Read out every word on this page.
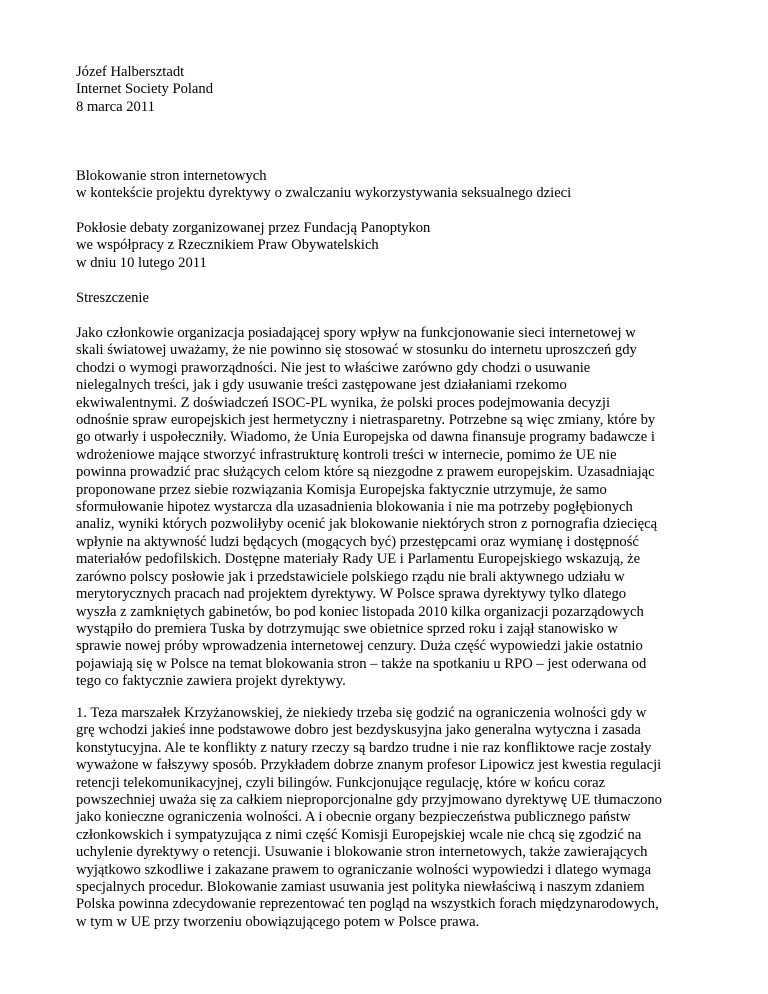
Józef Halbersztadt
Internet Society Poland
8 marca 2011
Blokowanie stron internetowych
w kontekście projektu dyrektywy o zwalczaniu wykorzystywania seksualnego dzieci
Pokłosie debaty zorganizowanej przez Fundacją Panoptykon
we współpracy z Rzecznikiem Praw Obywatelskich
w dniu 10 lutego 2011
Streszczenie
Jako członkowie organizacja posiadającej spory wpływ na funkcjonowanie sieci internetowej w
skali światowej uważamy, że nie powinno się stosować w stosunku do internetu uproszczeń gdy
chodzi o wymogi praworządności. Nie jest to właściwe zarówno gdy chodzi o usuwanie
nielegalnych treści, jak i gdy usuwanie treści zastępowane jest działaniami rzekomo
ekwiwalentnymi. Z doświadczeń ISOC-PL wynika, że polski proces podejmowania decyzji
odnośnie spraw europejskich jest hermetyczny i nietrasparetny. Potrzebne są więc zmiany, które by
go otwarły i uspołeczniły. Wiadomo, że Unia Europejska od dawna finansuje programy badawcze i
wdrożeniowe mające stworzyć infrastrukturę kontroli treści w internecie, pomimo że UE nie
powinna prowadzić prac służących celom które są niezgodne z prawem europejskim. Uzasadniając
proponowane przez siebie rozwiązania Komisja Europejska faktycznie utrzymuje, że samo
sformułowanie hipotez wystarcza dla uzasadnienia blokowania i nie ma potrzeby pogłębionych
analiz, wyniki których pozwoliłyby ocenić jak blokowanie niektórych stron z pornografia dziecięcą
wpłynie na aktywność ludzi będących (mogących być) przestępcami oraz wymianę i dostępność
materiałów pedofilskich. Dostępne materiały Rady UE i Parlamentu Europejskiego wskazują, że
zarówno polscy posłowie jak i przedstawiciele polskiego rządu nie brali aktywnego udziału w
merytorycznych pracach nad projektem dyrektywy. W Polsce sprawa dyrektywy tylko dlatego
wyszła z zamkniętych gabinetów, bo pod koniec listopada 2010 kilka organizacji pozarządowych
wystąpiło do premiera Tuska by dotrzymując swe obietnice sprzed roku i zajął stanowisko w
sprawie nowej próby wprowadzenia internetowej cenzury. Duża część wypowiedzi jakie ostatnio
pojawiają się w Polsce na temat blokowania stron – także na spotkaniu u RPO – jest oderwana od
tego co faktycznie zawiera projekt dyrektywy.
1. Teza marszałek Krzyżanowskiej, że niekiedy trzeba się godzić na ograniczenia wolności gdy w
grę wchodzi jakieś inne podstawowe dobro jest bezdyskusyjna jako generalna wytyczna i zasada
konstytucyjna. Ale te konflikty z natury rzeczy są bardzo trudne i nie raz konfliktowe racje zostały
wyważone w fałszywy sposób. Przykładem dobrze znanym profesor Lipowicz jest kwestia regulacji
retencji telekomunikacyjnej, czyli bilingów. Funkcjonujące regulację, które w końcu coraz
powszechniej uważa się za całkiem nieproporcjonalne gdy przyjmowano dyrektywę UE tłumaczono
jako konieczne ograniczenia wolności. A i obecnie organy bezpieczeństwa publicznego państw
członkowskich i sympatyzująca z nimi część Komisji Europejskiej wcale nie chcą się zgodzić na
uchylenie dyrektywy o retencji. Usuwanie i blokowanie stron internetowych, także zawierających
wyjątkowo szkodliwe i zakazane prawem to ograniczanie wolności wypowiedzi i dlatego wymaga
specjalnych procedur. Blokowanie zamiast usuwania jest polityka niewłaściwą i naszym zdaniem
Polska powinna zdecydowanie reprezentować ten pogląd na wszystkich forach międzynarodowych,
w tym w UE przy tworzeniu obowiązującego potem w Polsce prawa.
